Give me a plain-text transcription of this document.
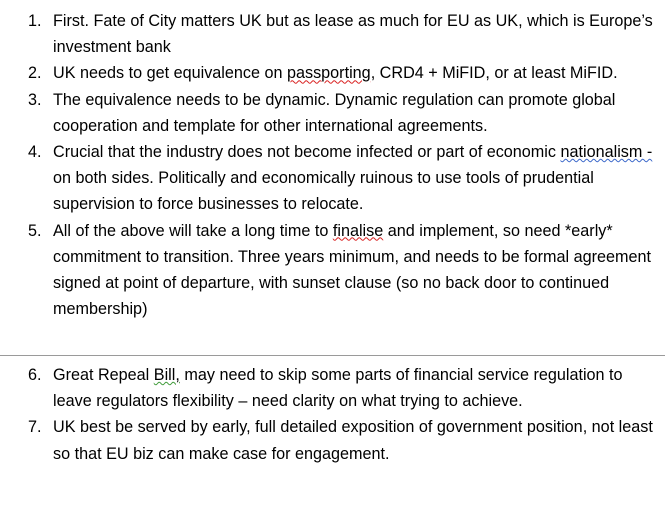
1. First. Fate of City matters UK but as lease as much for EU as UK, which is Europe’s investment bank
2. UK needs to get equivalence on passporting, CRD4 + MiFID, or at least MiFID.
3. The equivalence needs to be dynamic. Dynamic regulation can promote global cooperation and template for other international agreements.
4. Crucial that the industry does not become infected or part of economic nationalism - on both sides. Politically and economically ruinous to use tools of prudential supervision to force businesses to relocate.
5. All of the above will take a long time to finalise and implement, so need *early* commitment to transition. Three years minimum, and needs to be formal agreement signed at point of departure, with sunset clause (so no back door to continued membership)
6. Great Repeal Bill, may need to skip some parts of financial service regulation to leave regulators flexibility – need clarity on what trying to achieve.
7. UK best be served by early, full detailed exposition of government position, not least so that EU biz can make case for engagement.
